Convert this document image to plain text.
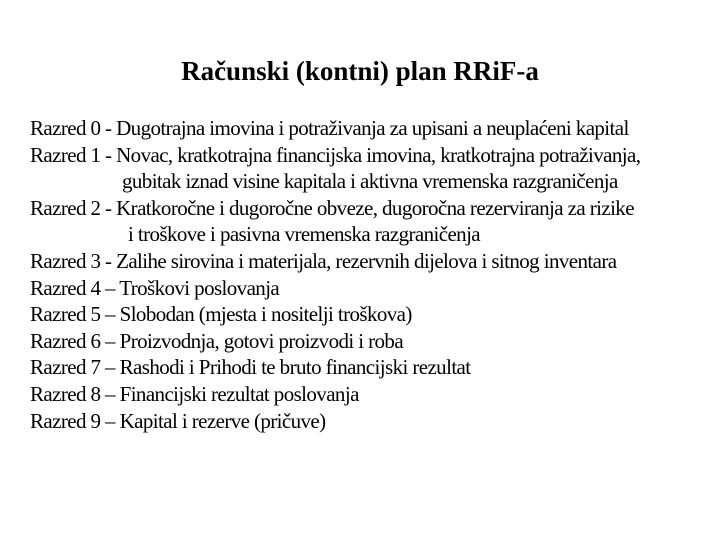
Računski (kontni) plan RRiF-a
Razred 0 - Dugotrajna imovina i potraživanja za upisani a neuplaćeni kapital
Razred 1 - Novac, kratkotrajna financijska imovina, kratkotrajna potraživanja,
gubitak iznad visine kapitala i aktivna vremenska razgraničenja
Razred 2 - Kratkoročne i dugoročne obveze, dugoročna rezerviranja za rizike
i troškove i pasivna vremenska razgraničenja
Razred 3 - Zalihe sirovina i materijala, rezervnih dijelova i sitnog inventara
Razred 4 – Troškovi poslovanja
Razred 5 – Slobodan (mjesta i nositelji troškova)
Razred 6 – Proizvodnja, gotovi proizvodi i roba
Razred 7 – Rashodi i Prihodi te bruto financijski rezultat
Razred 8 – Financijski rezultat poslovanja
Razred 9 – Kapital i rezerve (pričuve)
